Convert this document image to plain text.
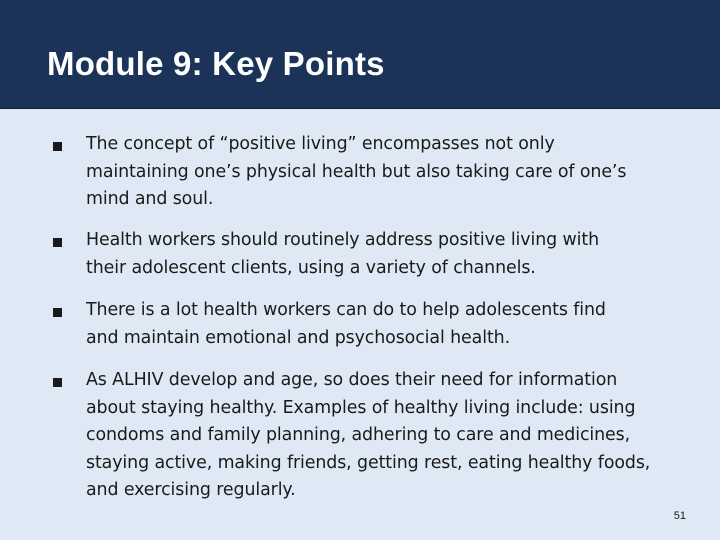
Module 9: Key Points
The concept of “positive living” encompasses not only
maintaining one’s physical health but also taking care of one’s
mind and soul.
Health workers should routinely address positive living with
their adolescent clients, using a variety of channels.
There is a lot health workers can do to help adolescents find
and maintain emotional and psychosocial health.
As ALHIV develop and age, so does their need for information
about staying healthy. Examples of healthy living include: using
condoms and family planning, adhering to care and medicines,
staying active, making friends, getting rest, eating healthy foods,
and exercising regularly.
51
